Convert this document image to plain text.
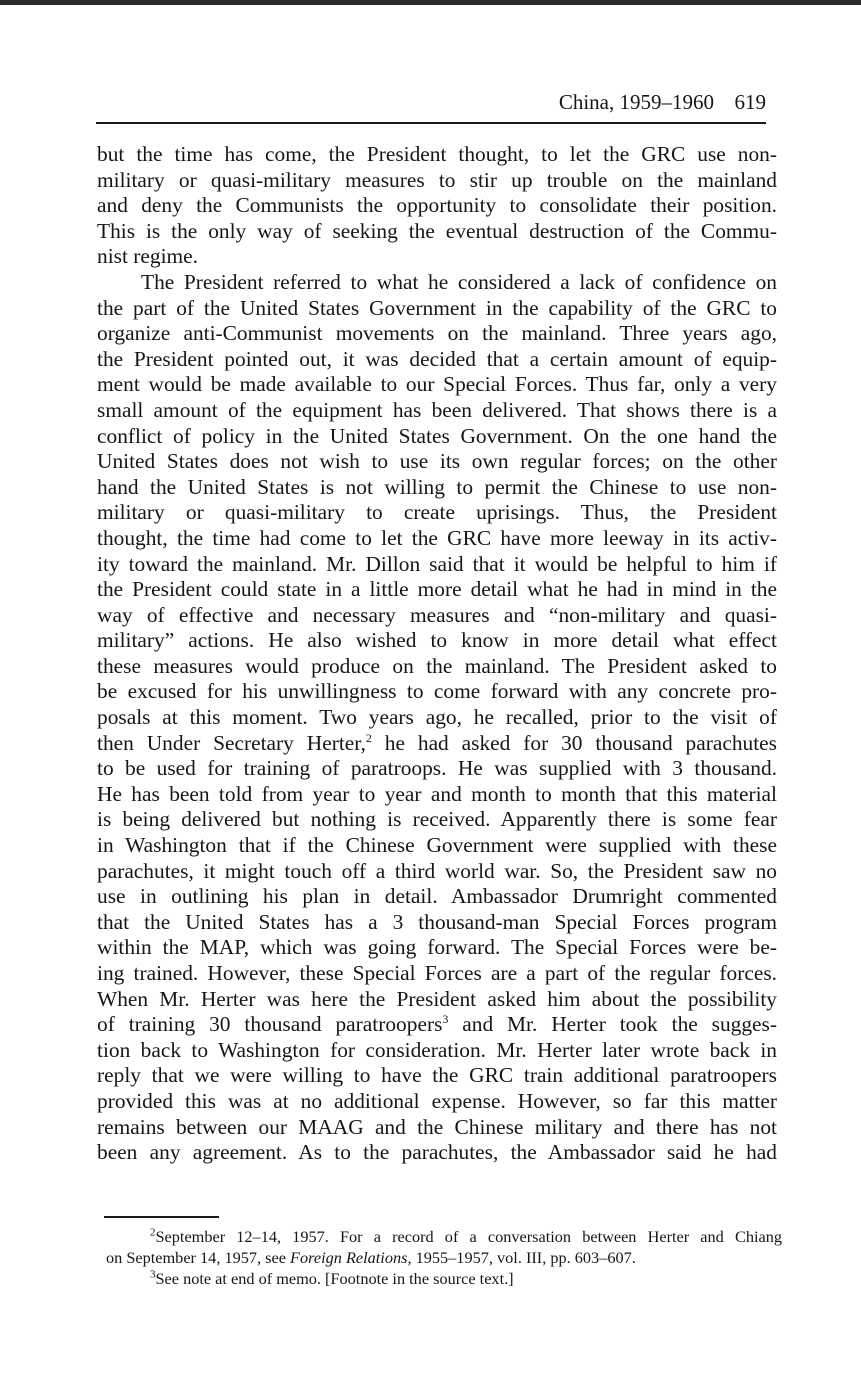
China, 1959–1960 619
but the time has come, the President thought, to let the GRC use non-
military or quasi-military measures to stir up trouble on the mainland
and deny the Communists the opportunity to consolidate their position.
This is the only way of seeking the eventual destruction of the Commu-
nist regime.
The President referred to what he considered a lack of confidence on
the part of the United States Government in the capability of the GRC to
organize anti-Communist movements on the mainland. Three years ago,
the President pointed out, it was decided that a certain amount of equip-
ment would be made available to our Special Forces. Thus far, only a very
small amount of the equipment has been delivered. That shows there is a
conflict of policy in the United States Government. On the one hand the
United States does not wish to use its own regular forces; on the other
hand the United States is not willing to permit the Chinese to use non-
military or quasi-military to create uprisings. Thus, the President
thought, the time had come to let the GRC have more leeway in its activ-
ity toward the mainland. Mr. Dillon said that it would be helpful to him if
the President could state in a little more detail what he had in mind in the
way of effective and necessary measures and “non-military and quasi-
military” actions. He also wished to know in more detail what effect
these measures would produce on the mainland. The President asked to
be excused for his unwillingness to come forward with any concrete pro-
posals at this moment. Two years ago, he recalled, prior to the visit of
then Under Secretary Herter,$^2$ he had asked for 30 thousand parachutes
to be used for training of paratroops. He was supplied with 3 thousand.
He has been told from year to year and month to month that this material
is being delivered but nothing is received. Apparently there is some fear
in Washington that if the Chinese Government were supplied with these
parachutes, it might touch off a third world war. So, the President saw no
use in outlining his plan in detail. Ambassador Drumright commented
that the United States has a 3 thousand-man Special Forces program
within the MAP, which was going forward. The Special Forces were be-
ing trained. However, these Special Forces are a part of the regular forces.
When Mr. Herter was here the President asked him about the possibility
of training 30 thousand paratroopers$^3$ and Mr. Herter took the sugges-
tion back to Washington for consideration. Mr. Herter later wrote back in
reply that we were willing to have the GRC train additional paratroopers
provided this was at no additional expense. However, so far this matter
remains between our MAAG and the Chinese military and there has not
been any agreement. As to the parachutes, the Ambassador said he had
$^2$September 12–14, 1957. For a record of a conversation between Herter and Chiang
on September 14, 1957, see Foreign Relations, 1955–1957, vol. III, pp. 603–607.
$^3$See note at end of memo. [Footnote in the source text.]
